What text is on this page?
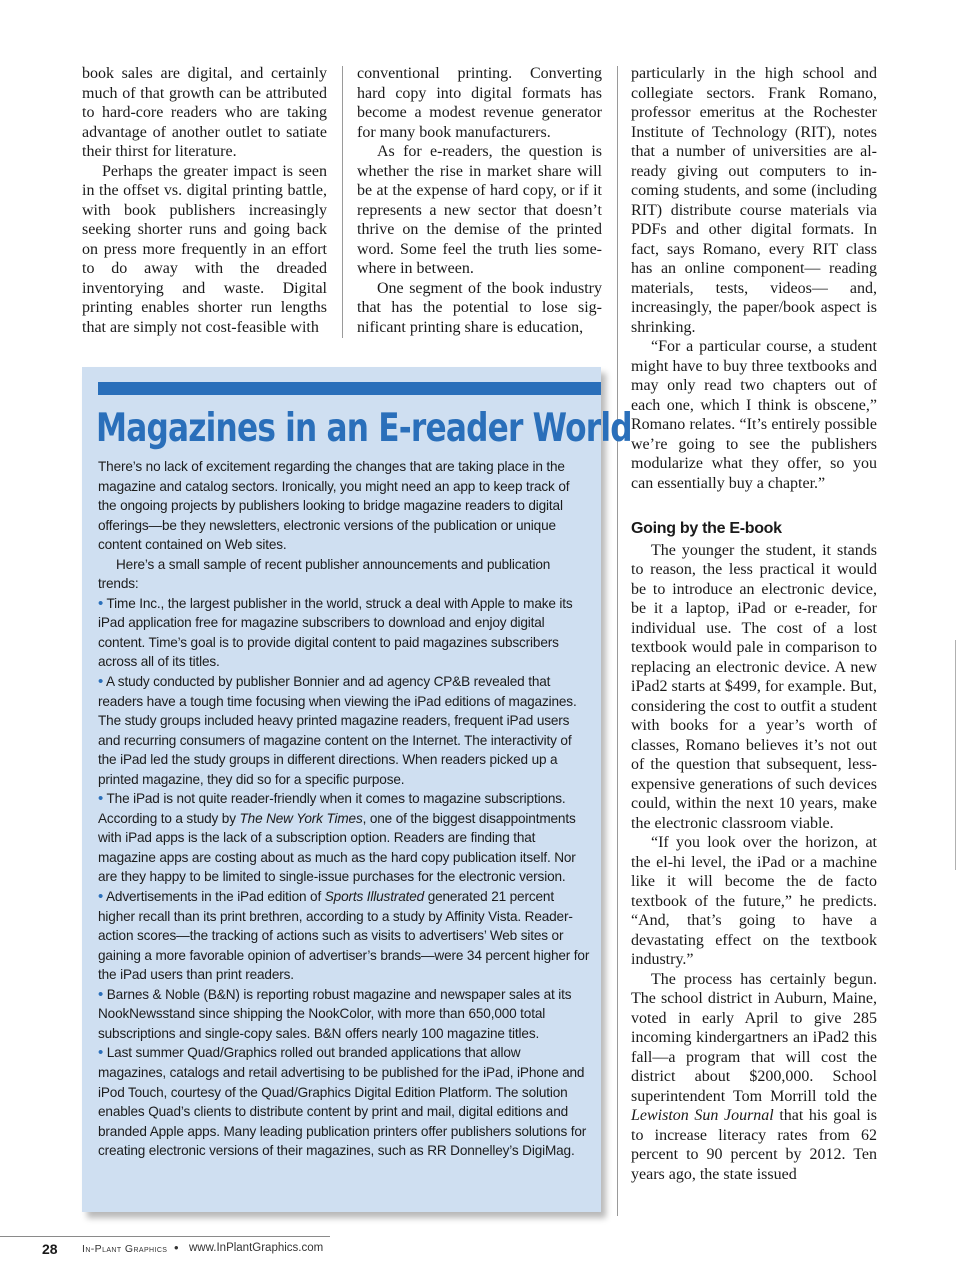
book sales are digital, and certainly much of that growth can be attributed to hard-core readers who are taking advantage of another outlet to satiate their thirst for literature.

Perhaps the greater impact is seen in the offset vs. digital printing battle, with book publishers increasingly seeking shorter runs and going back on press more frequently in an effort to do away with the dreaded inventorying and waste. Digital printing enables shorter run lengths that are simply not cost-feasible with

conventional printing. Converting hard copy into digital formats has become a modest revenue generator for many book manufacturers.

As for e-readers, the question is whether the rise in market share will be at the expense of hard copy, or if it represents a new sector that doesn’t thrive on the demise of the printed word. Some feel the truth lies somewhere in between.

One segment of the book industry that has the potential to lose significant printing share is education,

particularly in the high school and collegiate sectors. Frank Romano, professor emeritus at the Rochester Institute of Technology (RIT), notes that a number of universities are already giving out computers to incoming students, and some (including RIT) distribute course materials via PDFs and other digital formats. In fact, says Romano, every RIT class has an online component— reading materials, tests, videos— and, increasingly, the paper/book aspect is shrinking.

“For a particular course, a student might have to buy three textbooks and may only read two chapters out of each one, which I think is obscene,” Romano relates. “It’s entirely possible we’re going to see the publishers modularize what they offer, so you can essentially buy a chapter.”

Going by the E-book

The younger the student, it stands to reason, the less practical it would be to introduce an electronic device, be it a laptop, iPad or e-reader, for individual use. The cost of a lost textbook would pale in comparison to replacing an electronic device. A new iPad2 starts at $499, for example. But, considering the cost to outfit a student with books for a year’s worth of classes, Romano believes it’s not out of the question that subsequent, less-expensive generations of such devices could, within the next 10 years, make the electronic classroom viable.

“If you look over the horizon, at the el-hi level, the iPad or a machine like it will become the de facto textbook of the future,” he predicts. “And, that’s going to have a devastating effect on the textbook industry.”

The process has certainly begun. The school district in Auburn, Maine, voted in early April to give 285 incoming kindergartners an iPad2 this fall—a program that will cost the district about $200,000. School superintendent Tom Morrill told the Lewiston Sun Journal that his goal is to increase literacy rates from 62 percent to 90 percent by 2012. Ten years ago, the state issued

Magazines in an E-reader World

There’s no lack of excitement regarding the changes that are taking place in the magazine and catalog sectors. Ironically, you might need an app to keep track of the ongoing projects by publishers looking to bridge magazine readers to digital offerings—be they newsletters, electronic versions of the publication or unique content contained on Web sites.

Here’s a small sample of recent publisher announcements and publication trends:

• Time Inc., the largest publisher in the world, struck a deal with Apple to make its iPad application free for magazine subscribers to download and enjoy digital content. Time’s goal is to provide digital content to paid magazines subscribers across all of its titles.

• A study conducted by publisher Bonnier and ad agency CP&B revealed that readers have a tough time focusing when viewing the iPad editions of magazines. The study groups included heavy printed magazine readers, frequent iPad users and recurring consumers of magazine content on the Internet. The interactivity of the iPad led the study groups in different directions. When readers picked up a printed magazine, they did so for a specific purpose.

• The iPad is not quite reader-friendly when it comes to magazine subscriptions. According to a study by The New York Times, one of the biggest disappointments with iPad apps is the lack of a subscription option. Readers are finding that magazine apps are costing about as much as the hard copy publication itself. Nor are they happy to be limited to single-issue purchases for the electronic version.

• Advertisements in the iPad edition of Sports Illustrated generated 21 percent higher recall than its print brethren, according to a study by Affinity Vista. Reader-action scores—the tracking of actions such as visits to advertisers’ Web sites or gaining a more favorable opinion of advertiser’s brands—were 34 percent higher for the iPad users than print readers.

• Barnes & Noble (B&N) is reporting robust magazine and newspaper sales at its NookNewsstand since shipping the NookColor, with more than 650,000 total subscriptions and single-copy sales. B&N offers nearly 100 magazine titles.

• Last summer Quad/Graphics rolled out branded applications that allow magazines, catalogs and retail advertising to be published for the iPad, iPhone and iPod Touch, courtesy of the Quad/Graphics Digital Edition Platform. The solution enables Quad’s clients to distribute content by print and mail, digital editions and branded Apple apps. Many leading publication printers offer publishers solutions for creating electronic versions of their magazines, such as RR Donnelley’s DigiMag.

28 In-Plant Graphics • www.InPlantGraphics.com
